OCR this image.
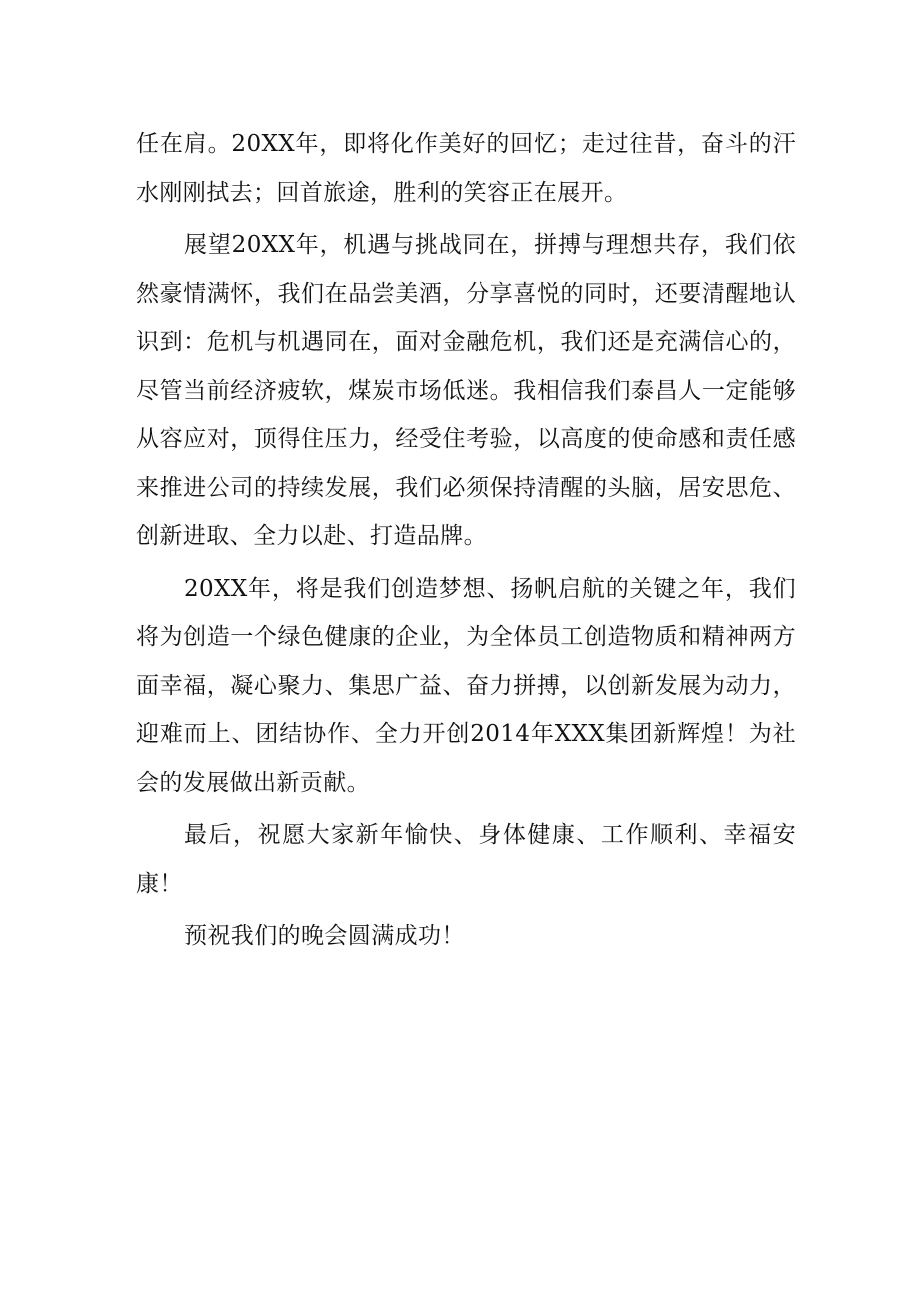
任在肩。20XX年，即将化作美好的回忆；走过往昔，奋斗的汗水刚刚拭去；回首旅途，胜利的笑容正在展开。

展望20XX年，机遇与挑战同在，拼搏与理想共存，我们依然豪情满怀，我们在品尝美酒，分享喜悦的同时，还要清醒地认识到：危机与机遇同在，面对金融危机，我们还是充满信心的，尽管当前经济疲软，煤炭市场低迷。我相信我们泰昌人一定能够从容应对，顶得住压力，经受住考验，以高度的使命感和责任感来推进公司的持续发展，我们必须保持清醒的头脑，居安思危、创新进取、全力以赴、打造品牌。

20XX年，将是我们创造梦想、扬帆启航的关键之年，我们将为创造一个绿色健康的企业，为全体员工创造物质和精神两方面幸福，凝心聚力、集思广益、奋力拼搏，以创新发展为动力，迎难而上、团结协作、全力开创2014年XXX集团新辉煌！为社会的发展做出新贡献。

最后，祝愿大家新年愉快、身体健康、工作顺利、幸福安康！

预祝我们的晚会圆满成功！
